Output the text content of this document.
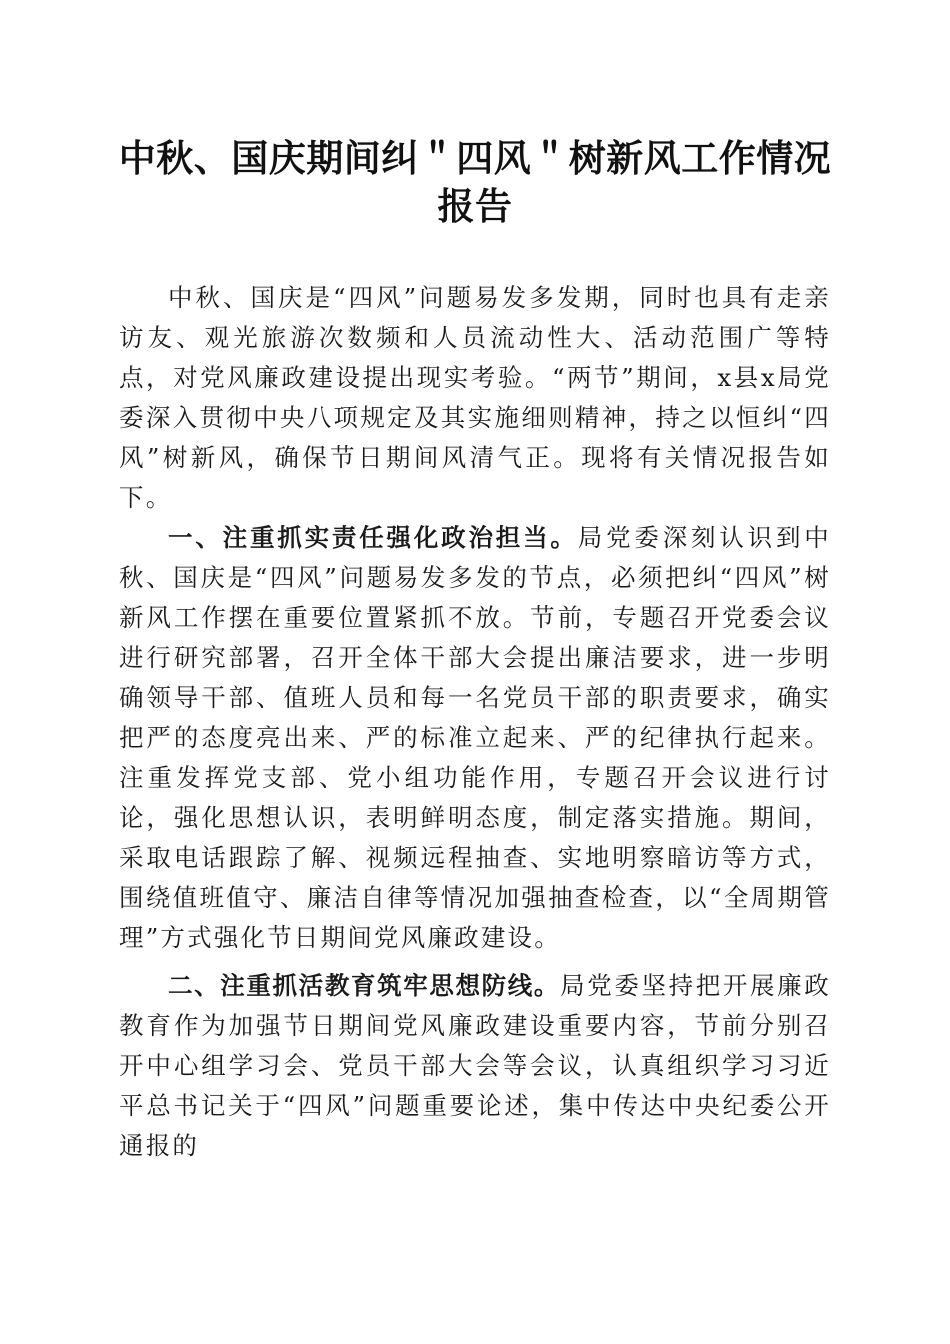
中秋、国庆期间纠＂四风＂树新风工作情况报告

中秋、国庆是“四风”问题易发多发期，同时也具有走亲访友、观光旅游次数频和人员流动性大、活动范围广等特点，对党风廉政建设提出现实考验。“两节”期间，x县x局党委深入贯彻中央八项规定及其实施细则精神，持之以恒纠“四风”树新风，确保节日期间风清气正。现将有关情况报告如下。

一、注重抓实责任强化政治担当。局党委深刻认识到中秋、国庆是“四风”问题易发多发的节点，必须把纠“四风”树新风工作摆在重要位置紧抓不放。节前，专题召开党委会议进行研究部署，召开全体干部大会提出廉洁要求，进一步明确领导干部、值班人员和每一名党员干部的职责要求，确实把严的态度亮出来、严的标准立起来、严的纪律执行起来。注重发挥党支部、党小组功能作用，专题召开会议进行讨论，强化思想认识，表明鲜明态度，制定落实措施。期间，采取电话跟踪了解、视频远程抽查、实地明察暗访等方式，围绕值班值守、廉洁自律等情况加强抽查检查，以“全周期管理”方式强化节日期间党风廉政建设。

二、注重抓活教育筑牢思想防线。局党委坚持把开展廉政教育作为加强节日期间党风廉政建设重要内容，节前分别召开中心组学习会、党员干部大会等会议，认真组织学习习近平总书记关于“四风”问题重要论述，集中传达中央纪委公开通报的
